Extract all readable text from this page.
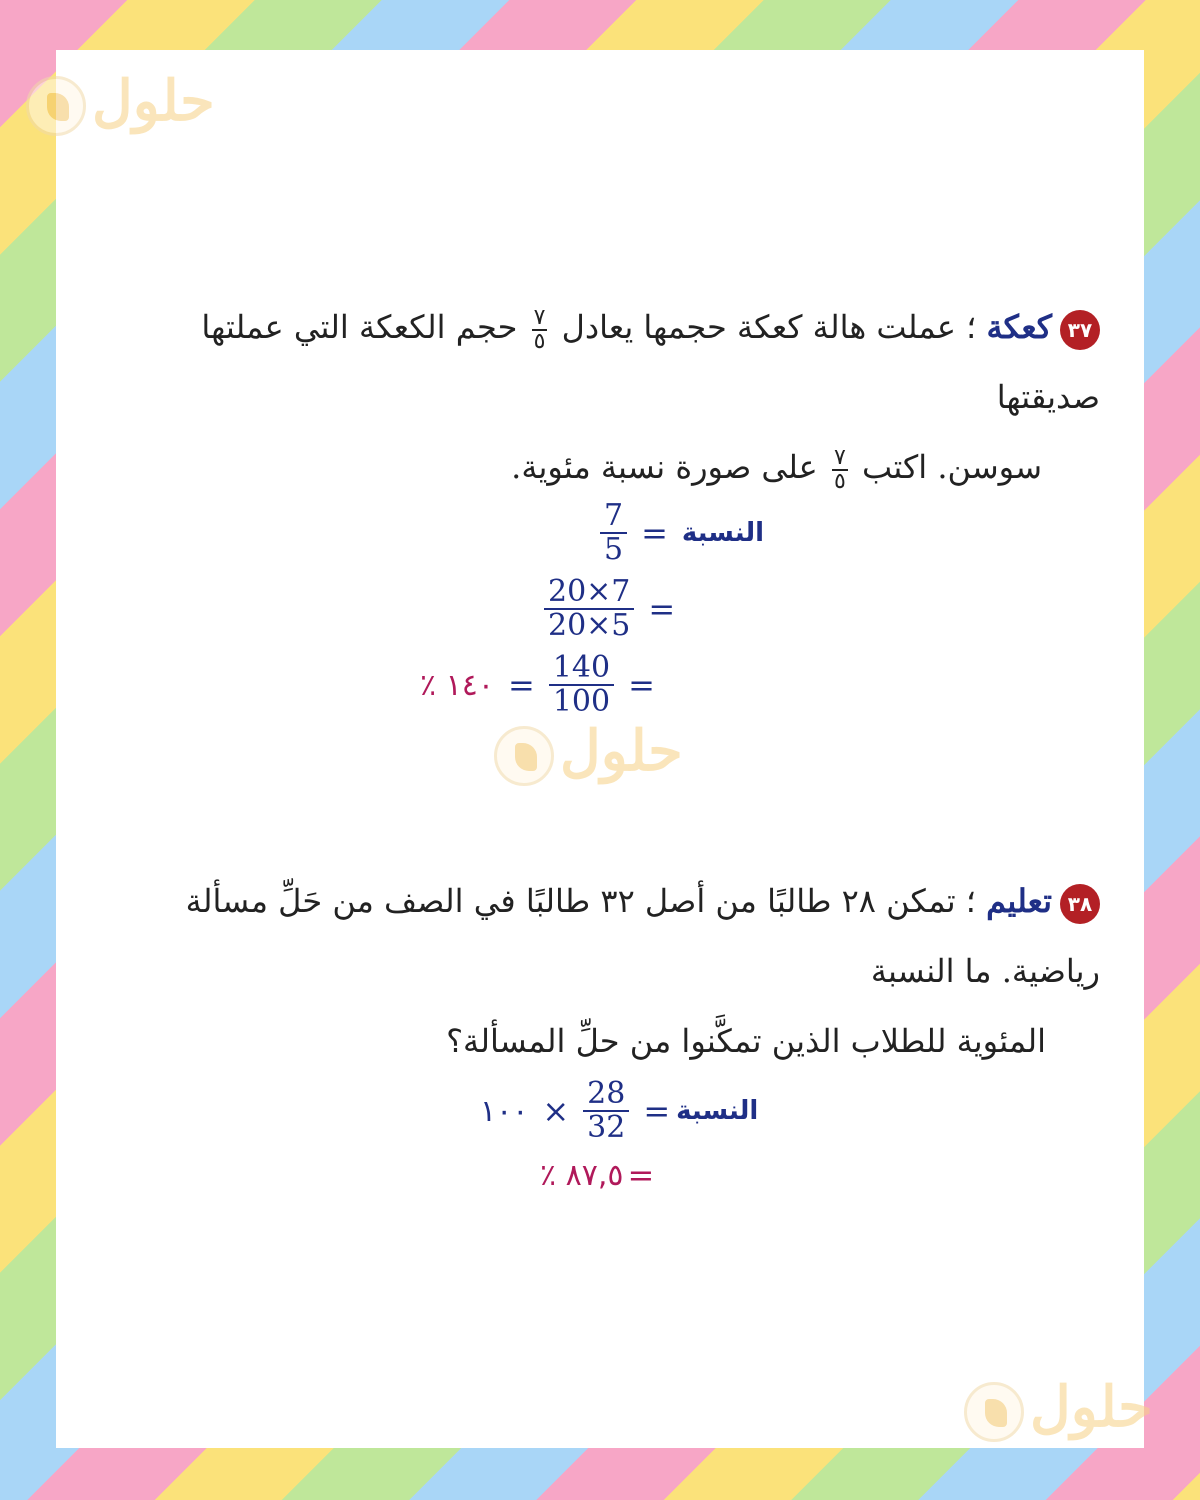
حلول
حلول
حلول
٣٧كعكة ؛ عملت هالة كعكة حجمها يعادل
٧
٥
حجم الكعكة التي عملتها صديقتها
سوسن. اكتب
٧
٥
على صورة نسبة مئوية.
$\frac{7}{5}$ = النسبة
$\frac{20\times 7}{20\times 5}$ =
١٤٠ ٪ = $\frac{140}{100}$ =
٣٨تعليم ؛ تمكن ٢٨ طالبًا من أصل ٣٢ طالبًا في الصف من حَلِّ مسألة رياضية. ما النسبة
المئوية للطلاب الذين تمكَّنوا من حلِّ المسألة؟
١٠٠ × $\frac{28}{32}$ = النسبة
٨٧,٥ ٪ =
